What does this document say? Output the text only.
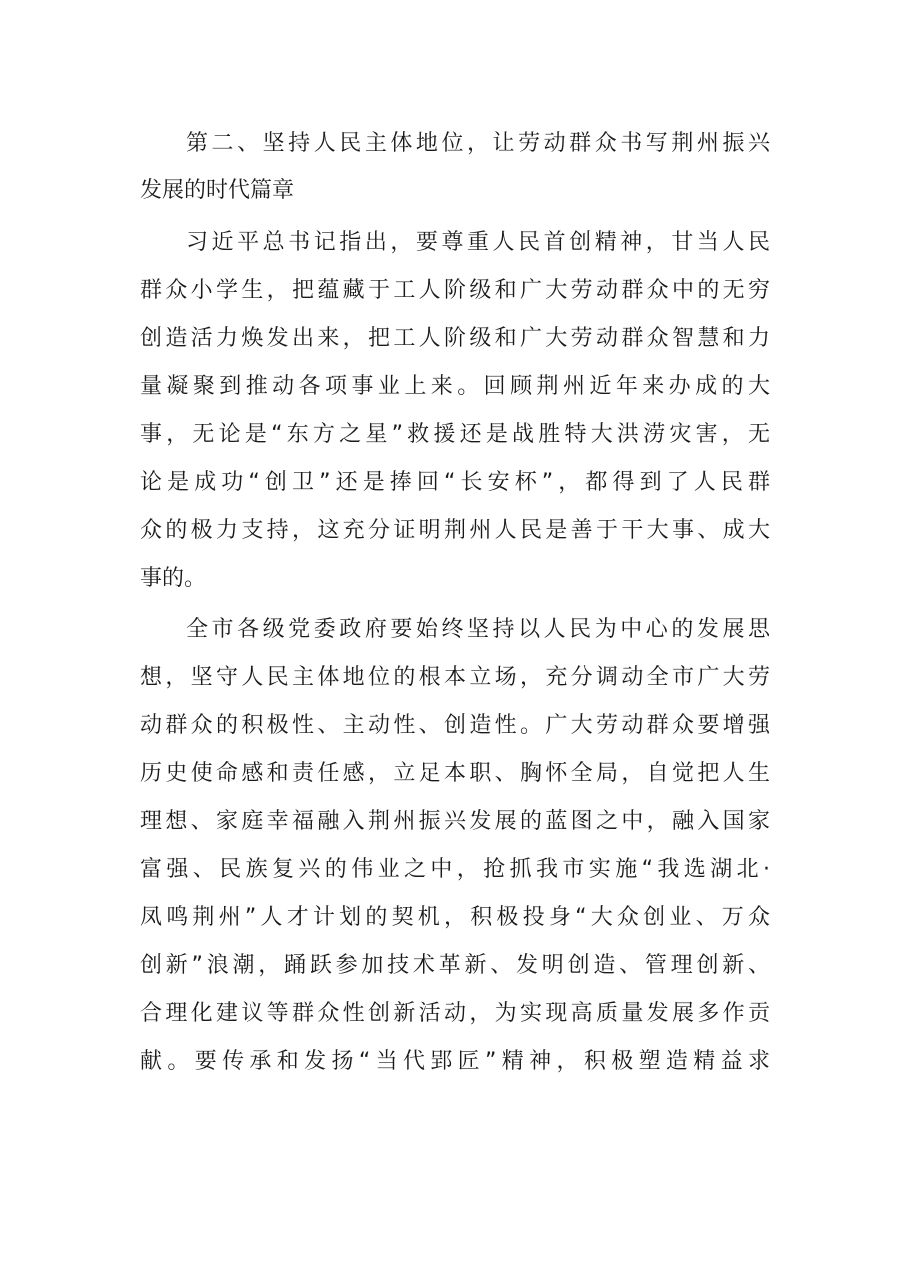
第二、坚持人民主体地位，让劳动群众书写荆州振兴
发展的时代篇章
习近平总书记指出，要尊重人民首创精神，甘当人民
群众小学生，把蕴藏于工人阶级和广大劳动群众中的无穷
创造活力焕发出来，把工人阶级和广大劳动群众智慧和力
量凝聚到推动各项事业上来。回顾荆州近年来办成的大
事，无论是“东方之星”救援还是战胜特大洪涝灾害，无
论是成功“创卫”还是捧回“长安杯”，都得到了人民群
众的极力支持，这充分证明荆州人民是善于干大事、成大
事的。
全市各级党委政府要始终坚持以人民为中心的发展思
想，坚守人民主体地位的根本立场，充分调动全市广大劳
动群众的积极性、主动性、创造性。广大劳动群众要增强
历史使命感和责任感，立足本职、胸怀全局，自觉把人生
理想、家庭幸福融入荆州振兴发展的蓝图之中，融入国家
富强、民族复兴的伟业之中，抢抓我市实施“我选湖北·
凤鸣荆州”人才计划的契机，积极投身“大众创业、万众
创新”浪潮，踊跃参加技术革新、发明创造、管理创新、
合理化建议等群众性创新活动，为实现高质量发展多作贡
献。要传承和发扬“当代郢匠”精神，积极塑造精益求
